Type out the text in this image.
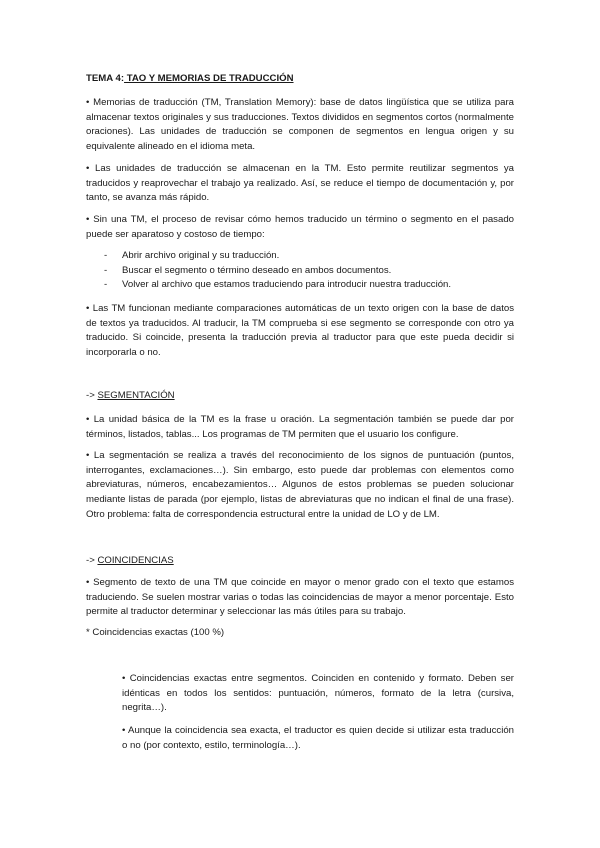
TEMA 4: TAO Y MEMORIAS DE TRADUCCIÓN
• Memorias de traducción (TM, Translation Memory): base de datos lingüística que se utiliza para almacenar textos originales y sus traducciones. Textos divididos en segmentos cortos (normalmente oraciones). Las unidades de traducción se componen de segmentos en lengua origen y su equivalente alineado en el idioma meta.
• Las unidades de traducción se almacenan en la TM. Esto permite reutilizar segmentos ya traducidos y reaprovechar el trabajo ya realizado. Así, se reduce el tiempo de documentación y, por tanto, se avanza más rápido.
• Sin una TM, el proceso de revisar cómo hemos traducido un término o segmento en el pasado puede ser aparatoso y costoso de tiempo:
- Abrir archivo original y su traducción.
- Buscar el segmento o término deseado en ambos documentos.
- Volver al archivo que estamos traduciendo para introducir nuestra traducción.
• Las TM funcionan mediante comparaciones automáticas de un texto origen con la base de datos de textos ya traducidos. Al traducir, la TM comprueba si ese segmento se corresponde con otro ya traducido. Si coincide, presenta la traducción previa al traductor para que este pueda decidir si incorporarla o no.
-> SEGMENTACIÓN
• La unidad básica de la TM es la frase u oración. La segmentación también se puede dar por términos, listados, tablas... Los programas de TM permiten que el usuario los configure.
• La segmentación se realiza a través del reconocimiento de los signos de puntuación (puntos, interrogantes, exclamaciones…). Sin embargo, esto puede dar problemas con elementos como abreviaturas, números, encabezamientos… Algunos de estos problemas se pueden solucionar mediante listas de parada (por ejemplo, listas de abreviaturas que no indican el final de una frase). Otro problema: falta de correspondencia estructural entre la unidad de LO y de LM.
-> COINCIDENCIAS
• Segmento de texto de una TM que coincide en mayor o menor grado con el texto que estamos traduciendo. Se suelen mostrar varias o todas las coincidencias de mayor a menor porcentaje. Esto permite al traductor determinar y seleccionar las más útiles para su trabajo.
* Coincidencias exactas (100 %)
• Coincidencias exactas entre segmentos. Coinciden en contenido y formato. Deben ser idénticas en todos los sentidos: puntuación, números, formato de la letra (cursiva, negrita…).
• Aunque la coincidencia sea exacta, el traductor es quien decide si utilizar esta traducción o no (por contexto, estilo, terminología…).
